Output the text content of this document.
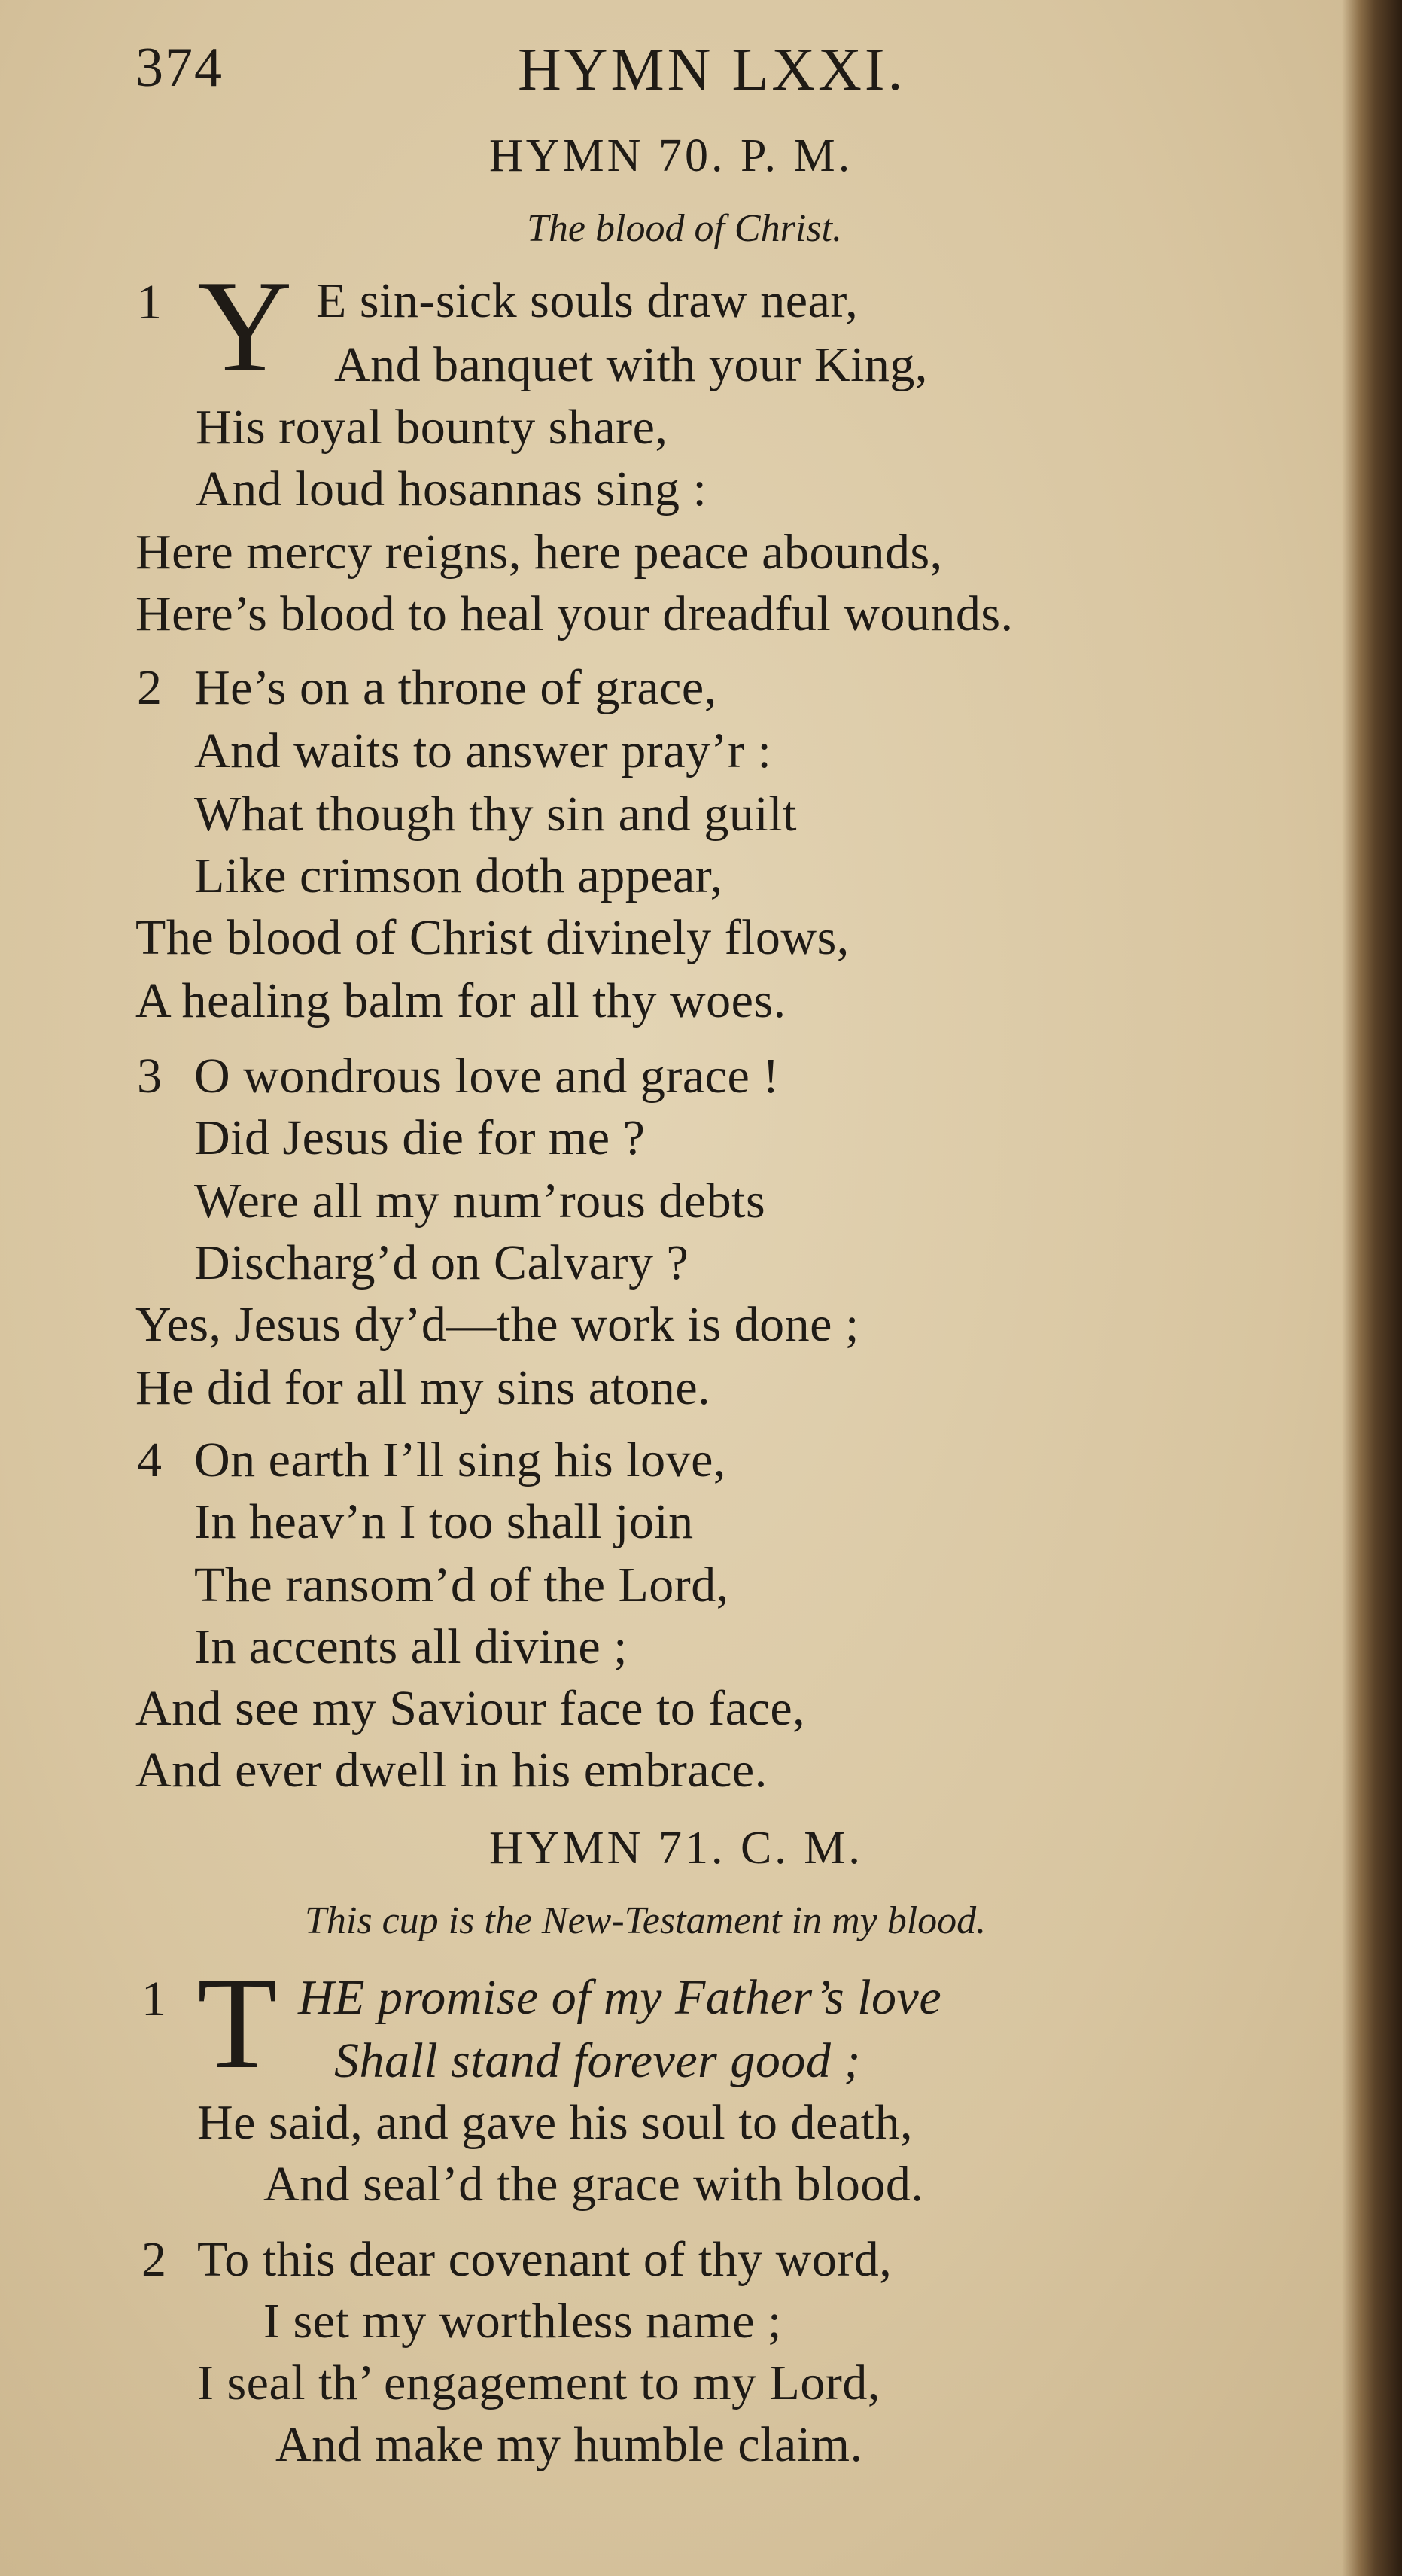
374	HYMN LXXI.
HYMN 70. P. M.
The blood of Christ.
1 Y E sin-sick souls draw near,
And banquet with your King,
His royal bounty share,
And loud hosannas sing :
Here mercy reigns, here peace abounds,
Here’s blood to heal your dreadful wounds.
2 He’s on a throne of grace,
And waits to answer pray’r :
What though thy sin and guilt
Like crimson doth appear,
The blood of Christ divinely flows,
A healing balm for all thy woes.
3 O wondrous love and grace !
Did Jesus die for me ?
Were all my num’rous debts
Discharg’d on Calvary ?
Yes, Jesus dy’d—the work is done ;
He did for all my sins atone.
4 On earth I’ll sing his love,
In heav’n I too shall join
The ransom’d of the Lord,
In accents all divine ;
And see my Saviour face to face,
And ever dwell in his embrace.
HYMN 71. C. M.
This cup is the New-Testament in my blood.
1 T HE promise of my Father’s love
Shall stand forever good ;
He said, and gave his soul to death,
And seal’d the grace with blood.
2 To this dear covenant of thy word,
I set my worthless name ;
I seal th’ engagement to my Lord,
And make my humble claim.
